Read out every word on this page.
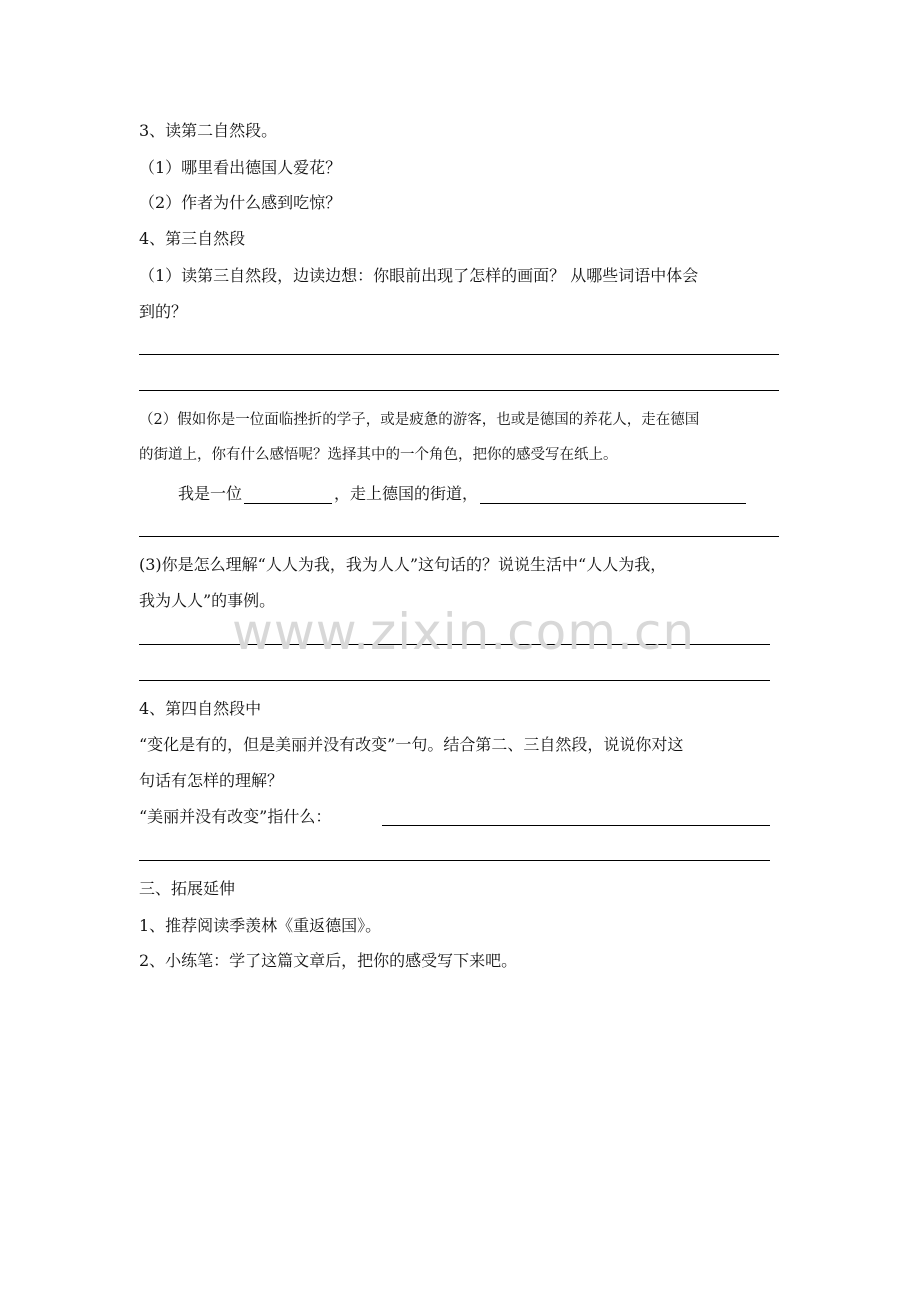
3、读第二自然段。

（1）哪里看出德国人爱花？

（2）作者为什么感到吃惊？

4、第三自然段

（1）读第三自然段，边读边想：你眼前出现了怎样的画面？ 从哪些词语中体会

到的？

（2）假如你是一位面临挫折的学子，或是疲惫的游客，也或是德国的养花人，走在德国

的街道上，你有什么感悟呢？选择其中的一个角色，把你的感受写在纸上。

我是一位	，走上德国的街道，

(3)你是怎么理解“人人为我，我为人人”这句话的？说说生活中“人人为我，

我为人人”的事例。

4、第四自然段中

“变化是有的，但是美丽并没有改变”一句。结合第二、三自然段，说说你对这

句话有怎样的理解？

“美丽并没有改变”指什么：

三、拓展延伸

1、推荐阅读季羡林《重返德国》。

2、小练笔：学了这篇文章后，把你的感受写下来吧。

www.zixin.com.cn
